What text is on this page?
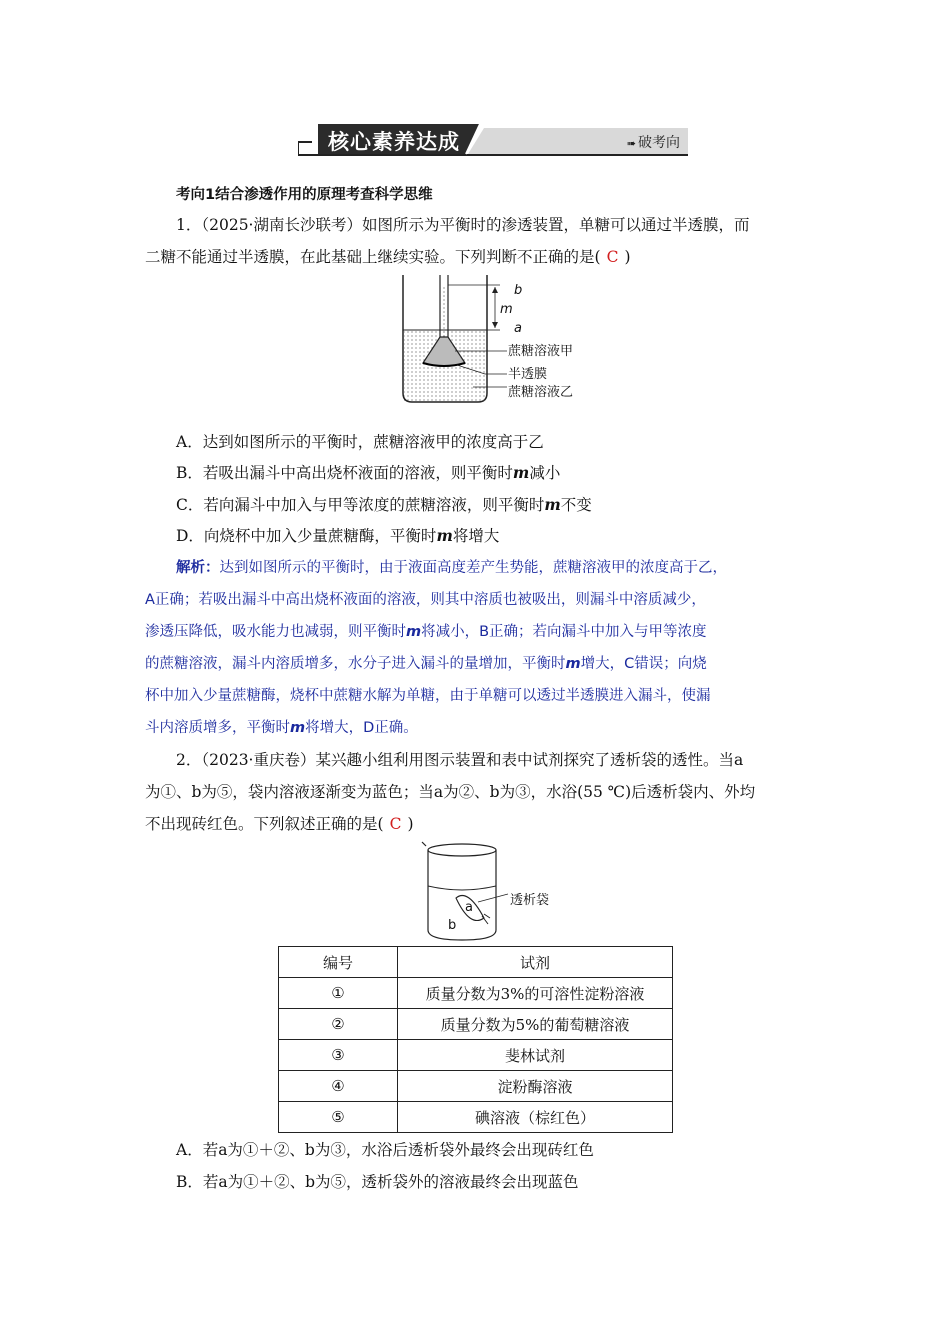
核心素养达成	➠ 破考向
考向1结合渗透作用的原理考查科学思维
1．（2025·湖南长沙联考）如图所示为平衡时的渗透装置，单糖可以通过半透膜，而
二糖不能通过半透膜，在此基础上继续实验。下列判断不正确的是( C )
b
m
a
蔗糖溶液甲
半透膜
蔗糖溶液乙
A．达到如图所示的平衡时，蔗糖溶液甲的浓度高于乙
B．若吸出漏斗中高出烧杯液面的溶液，则平衡时m减小
C．若向漏斗中加入与甲等浓度的蔗糖溶液，则平衡时m不变
D．向烧杯中加入少量蔗糖酶，平衡时m将增大
解析：达到如图所示的平衡时，由于液面高度差产生势能，蔗糖溶液甲的浓度高于乙，
A正确；若吸出漏斗中高出烧杯液面的溶液，则其中溶质也被吸出，则漏斗中溶质减少，
渗透压降低，吸水能力也减弱，则平衡时m将减小，B正确；若向漏斗中加入与甲等浓度
的蔗糖溶液，漏斗内溶质增多，水分子进入漏斗的量增加，平衡时m增大，C错误；向烧
杯中加入少量蔗糖酶，烧杯中蔗糖水解为单糖，由于单糖可以透过半透膜进入漏斗，使漏
斗内溶质增多，平衡时m将增大，D正确。
2．（2023·重庆卷）某兴趣小组利用图示装置和表中试剂探究了透析袋的透性。当a
为①、b为⑤，袋内溶液逐渐变为蓝色；当a为②、b为③，水浴(55 ℃)后透析袋内、外均
不出现砖红色。下列叙述正确的是( C )
透析袋
a
b
编号	试剂
①	质量分数为3%的可溶性淀粉溶液
②	质量分数为5%的葡萄糖溶液
③	斐林试剂
④	淀粉酶溶液
⑤	碘溶液（棕红色）
A．若a为①＋②、b为③，水浴后透析袋外最终会出现砖红色
B．若a为①＋②、b为⑤，透析袋外的溶液最终会出现蓝色
